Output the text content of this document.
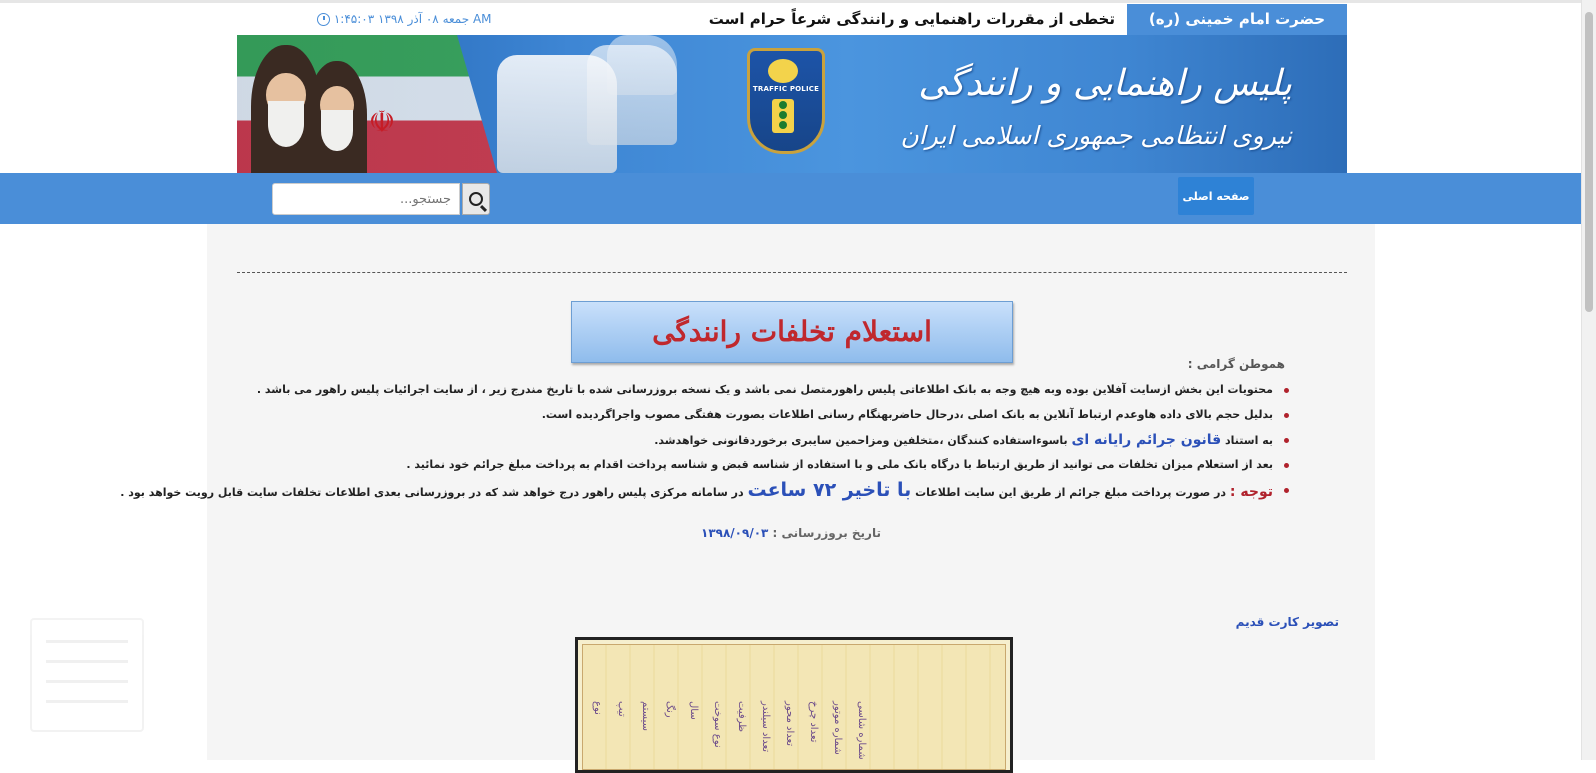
حضرت امام خمینی (ره)
تخطی از مقررات راهنمایی و رانندگی شرعاً حرام است
جمعه ۰۸ آذر ۱۳۹۸ ۱:۴۵:۰۳ AM
☫
TRAFFIC POLICE	پلیس راهنمایی و رانندگی
نیروی انتظامی جمهوری اسلامی ایران
صفحه اصلی
جستجو...
استعلام تخلفات رانندگی
هموطن گرامی :
محتویات این بخش ازسایت آفلاین بوده وبه هیچ وجه به بانک اطلاعاتی پلیس راهورمتصل نمی باشد و یک نسخه بروزرسانی شده با تاریخ مندرج زیر ، از سایت اجرائیات پلیس راهور می باشد .
بدلیل حجم بالای داده هاوعدم ارتباط آنلاین به بانک اصلی ،درحال حاضربهنگام رسانی اطلاعات بصورت هفتگی مصوب واجراگردیده است.
به استناد قانون جرائم رایانه ای باسوءاستفاده کنندگان ،متخلفین ومزاحمین سایبری برخوردقانونی خواهدشد.
بعد از استعلام میزان تخلفات می توانید از طریق ارتباط با درگاه بانک ملی و با استفاده از شناسه قبض و شناسه پرداخت اقدام به پرداخت مبلغ جرائم خود نمائید .
توجه : در صورت پرداخت مبلغ جرائم از طریق این سایت اطلاعات با تاخیر ۷۲ ساعت در سامانه مرکزی پلیس راهور درج خواهد شد که در بروزرسانی بعدی اطلاعات تخلفات سایت قابل رویت خواهد بود .
تاریخ بروزرسانی : ۱۳۹۸/۰۹/۰۳
تصویر کارت قدیم
شماره شاسی
شماره موتور
تعداد چرخ
تعداد محور
تعداد سیلندر
ظرفیت
نوع سوخت
سال
رنگ
سیستم
تیپ
نوع
